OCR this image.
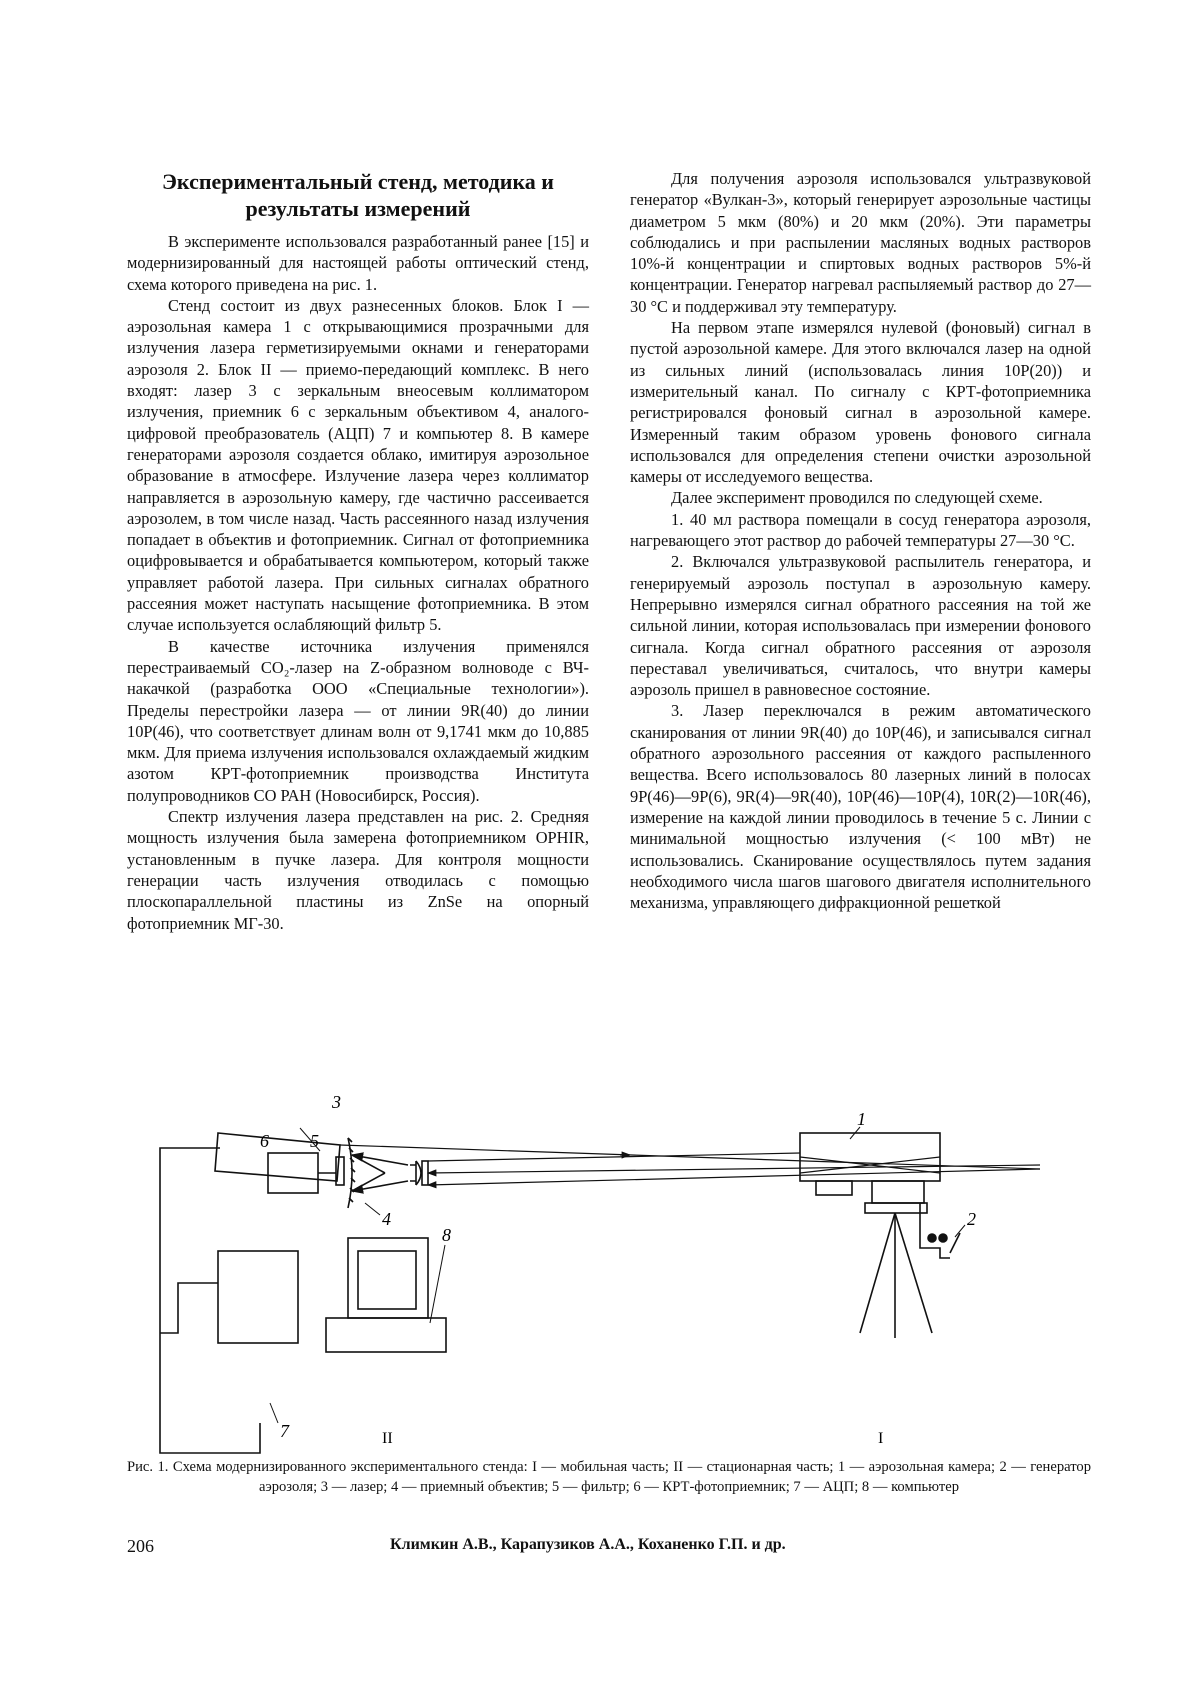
Экспериментальный стенд, методика и результаты измерений

В эксперименте использовался разработанный ранее [15] и модернизированный для настоящей работы оптический стенд, схема которого приведена на рис. 1.

Стенд состоит из двух разнесенных блоков. Блок I — аэрозольная камера 1 с открывающимися прозрачными для излучения лазера герметизируемыми окнами и генераторами аэрозоля 2. Блок II — приемо-передающий комплекс. В него входят: лазер 3 с зеркальным внеосевым коллиматором излучения, приемник 6 с зеркальным объективом 4, аналого-цифровой преобразователь (АЦП) 7 и компьютер 8. В камере генераторами аэрозоля создается облако, имитируя аэрозольное образование в атмосфере. Излучение лазера через коллиматор направляется в аэрозольную камеру, где частично рассеивается аэрозолем, в том числе назад. Часть рассеянного назад излучения попадает в объектив и фотоприемник. Сигнал от фотоприемника оцифровывается и обрабатывается компьютером, который также управляет работой лазера. При сильных сигналах обратного рассеяния может наступать насыщение фотоприемника. В этом случае используется ослабляющий фильтр 5.

В качестве источника излучения применялся перестраиваемый CO₂-лазер на Z-образном волноводе с ВЧ-накачкой (разработка ООО «Специальные технологии»). Пределы перестройки лазера — от линии 9R(40) до линии 10P(46), что соответствует длинам волн от 9,1741 мкм до 10,885 мкм. Для приема излучения использовался охлаждаемый жидким азотом КРТ-фотоприемник производства Института полупроводников СО РАН (Новосибирск, Россия).

Спектр излучения лазера представлен на рис. 2. Средняя мощность излучения была замерена фотоприемником OPHIR, установленным в пучке лазера. Для контроля мощности генерации часть излучения отводилась с помощью плоскопараллельной пластины из ZnSe на опорный фотоприемник МГ-30.

Для получения аэрозоля использовался ультразвуковой генератор «Вулкан-3», который генерирует аэрозольные частицы диаметром 5 мкм (80%) и 20 мкм (20%). Эти параметры соблюдались и при распылении масляных водных растворов 10%-й концентрации и спиртовых водных растворов 5%-й концентрации. Генератор нагревал распыляемый раствор до 27—30 °C и поддерживал эту температуру.

На первом этапе измерялся нулевой (фоновый) сигнал в пустой аэрозольной камере. Для этого включался лазер на одной из сильных линий (использовалась линия 10P(20)) и измерительный канал. По сигналу с КРТ-фотоприемника регистрировался фоновый сигнал в аэрозольной камере. Измеренный таким образом уровень фонового сигнала использовался для определения степени очистки аэрозольной камеры от исследуемого вещества.

Далее эксперимент проводился по следующей схеме.

1. 40 мл раствора помещали в сосуд генератора аэрозоля, нагревающего этот раствор до рабочей температуры 27—30 °C.

2. Включался ультразвуковой распылитель генератора, и генерируемый аэрозоль поступал в аэрозольную камеру. Непрерывно измерялся сигнал обратного рассеяния на той же сильной линии, которая использовалась при измерении фонового сигнала. Когда сигнал обратного рассеяния от аэрозоля переставал увеличиваться, считалось, что внутри камеры аэрозоль пришел в равновесное состояние.

3. Лазер переключался в режим автоматического сканирования от линии 9R(40) до 10P(46), и записывался сигнал обратного аэрозольного рассеяния от каждого распыленного вещества. Всего использовалось 80 лазерных линий в полосах 9P(46)—9P(6), 9R(4)—9R(40), 10P(46)—10P(4), 10R(2)—10R(46), измерение на каждой линии проводилось в течение 5 с. Линии с минимальной мощностью излучения (< 100 мВт) не использовались. Сканирование осуществлялось путем задания необходимого числа шагов шагового двигателя исполнительного механизма, управляющего дифракционной решеткой

3
6 5
4
8
7
1
2
II	I
Рис. 1. Схема модернизированного экспериментального стенда: I — мобильная часть; II — стационарная часть; 1 — аэрозольная камера; 2 — генератор аэрозоля; 3 — лазер; 4 — приемный объектив; 5 — фильтр; 6 — КРТ-фотоприемник; 7 — АЦП; 8 — компьютер
206	Климкин А.В., Карапузиков А.А., Коханенко Г.П. и др.
